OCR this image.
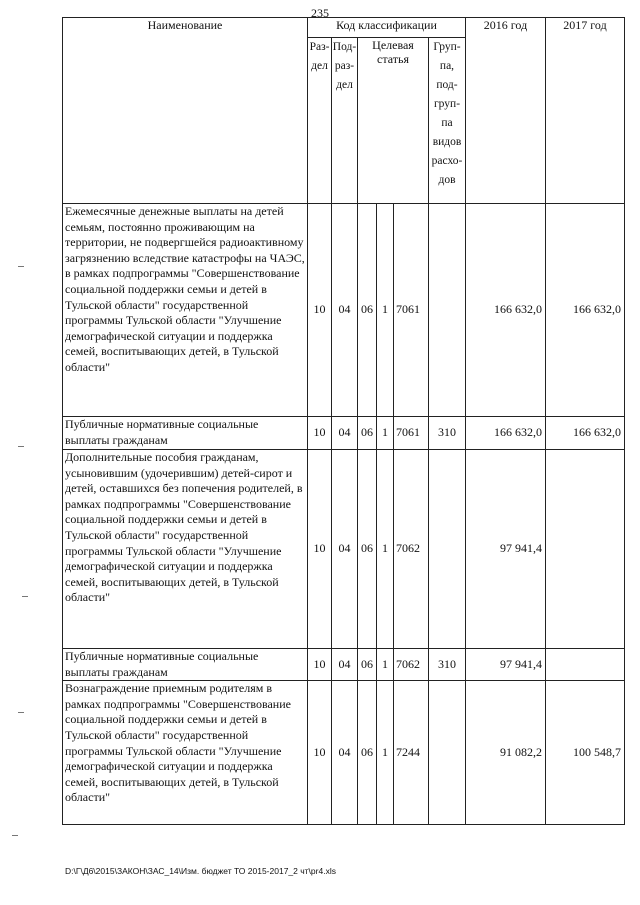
235
Наименование	Код классификации						2016 год	2017 год
	Раз-дел	Под-раз-дел	Целевая статья			Груп-па, под-груп-па видов расхо-дов		
Ежемесячные денежные выплаты на детей семьям, постоянно проживающим на территории, не подвергшейся радиоактивному загрязнению вследствие катастрофы на ЧАЭС, в рамках подпрограммы "Совершенствование социальной поддержки семьи и детей в Тульской области" государственной программы Тульской области "Улучшение демографической ситуации и поддержка семей, воспитывающих детей, в Тульской области"	10	04	06	1	7061		166 632,0	166 632,0
Публичные нормативные социальные выплаты гражданам	10	04	06	1	7061	310	166 632,0	166 632,0
Дополнительные пособия гражданам, усыновившим (удочерившим) детей-сирот и детей, оставшихся без попечения родителей, в рамках подпрограммы "Совершенствование социальной поддержки семьи и детей в Тульской области" государственной программы Тульской области "Улучшение демографической ситуации и поддержка семей, воспитывающих детей, в Тульской области"	10	04	06	1	7062		97 941,4	
Публичные нормативные социальные выплаты гражданам	10	04	06	1	7062	310	97 941,4	
Вознаграждение приемным родителям в рамках подпрограммы "Совершенствование социальной поддержки семьи и детей в Тульской области" государственной программы Тульской области "Улучшение демографической ситуации и поддержка семей, воспитывающих детей, в Тульской области"	10	04	06	1	7244		91 082,2	100 548,7
D:\Г\Д6\2015\ЗАКОН\ЗАС_14\Изм. бюджет ТО 2015-2017_2 чт\pr4.xls
